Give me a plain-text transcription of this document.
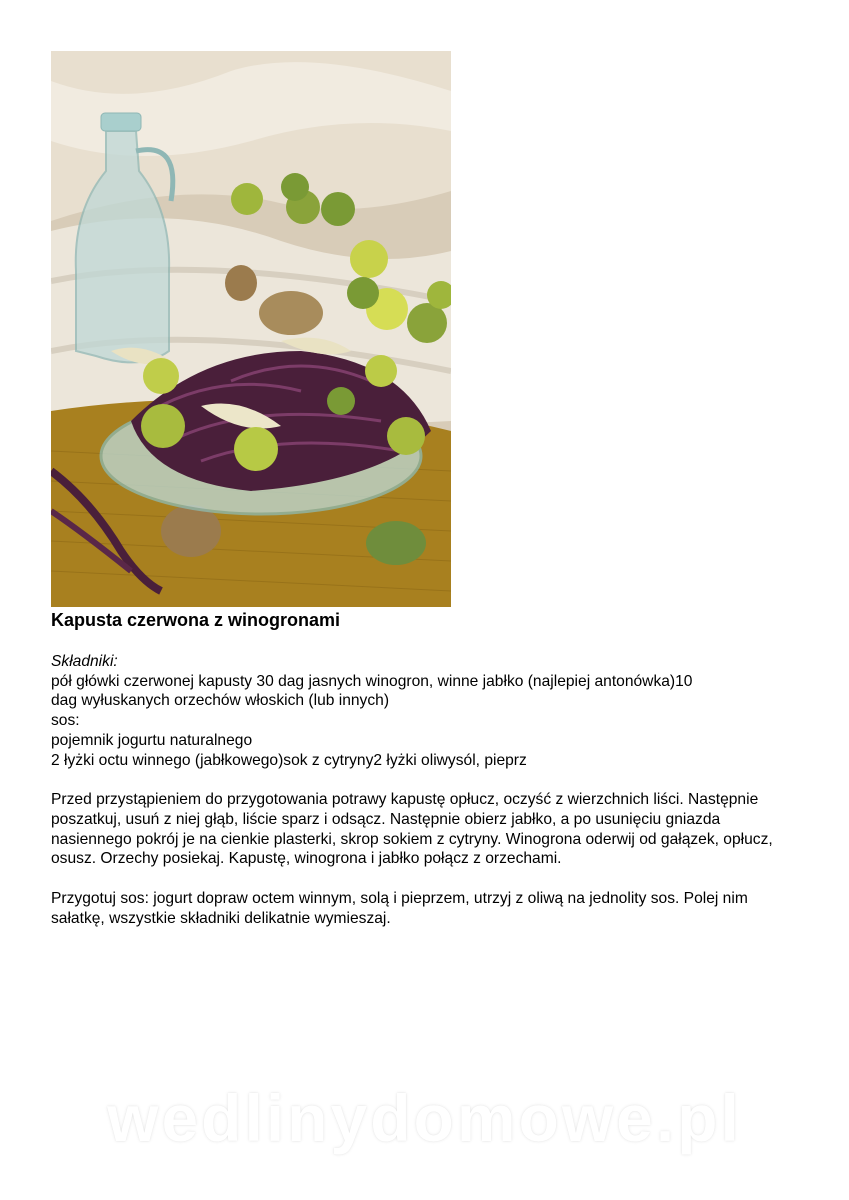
Kapusta czerwona z winogronami

Składniki:

pół główki czerwonej kapusty 30 dag jasnych winogron, winne jabłko (najlepiej antonówka)10

dag wyłuskanych orzechów włoskich (lub innych)

sos:

pojemnik jogurtu naturalnego

2 łyżki octu winnego (jabłkowego)sok z cytryny2 łyżki oliwysól, pieprz

Przed przystąpieniem do przygotowania potrawy kapustę opłucz, oczyść z wierzchnich liści. Następnie poszatkuj, usuń z niej głąb, liście sparz i odsącz. Następnie obierz jabłko, a po usunięciu gniazda nasiennego pokrój je na cienkie plasterki, skrop sokiem z cytryny. Winogrona oderwij od gałązek, opłucz, osusz. Orzechy posiekaj. Kapustę, winogrona i jabłko połącz z orzechami.

Przygotuj sos: jogurt dopraw octem winnym, solą i pieprzem, utrzyj z oliwą na jednolity sos. Polej nim sałatkę, wszystkie składniki delikatnie wymieszaj.

wedlinydomowe.pl
